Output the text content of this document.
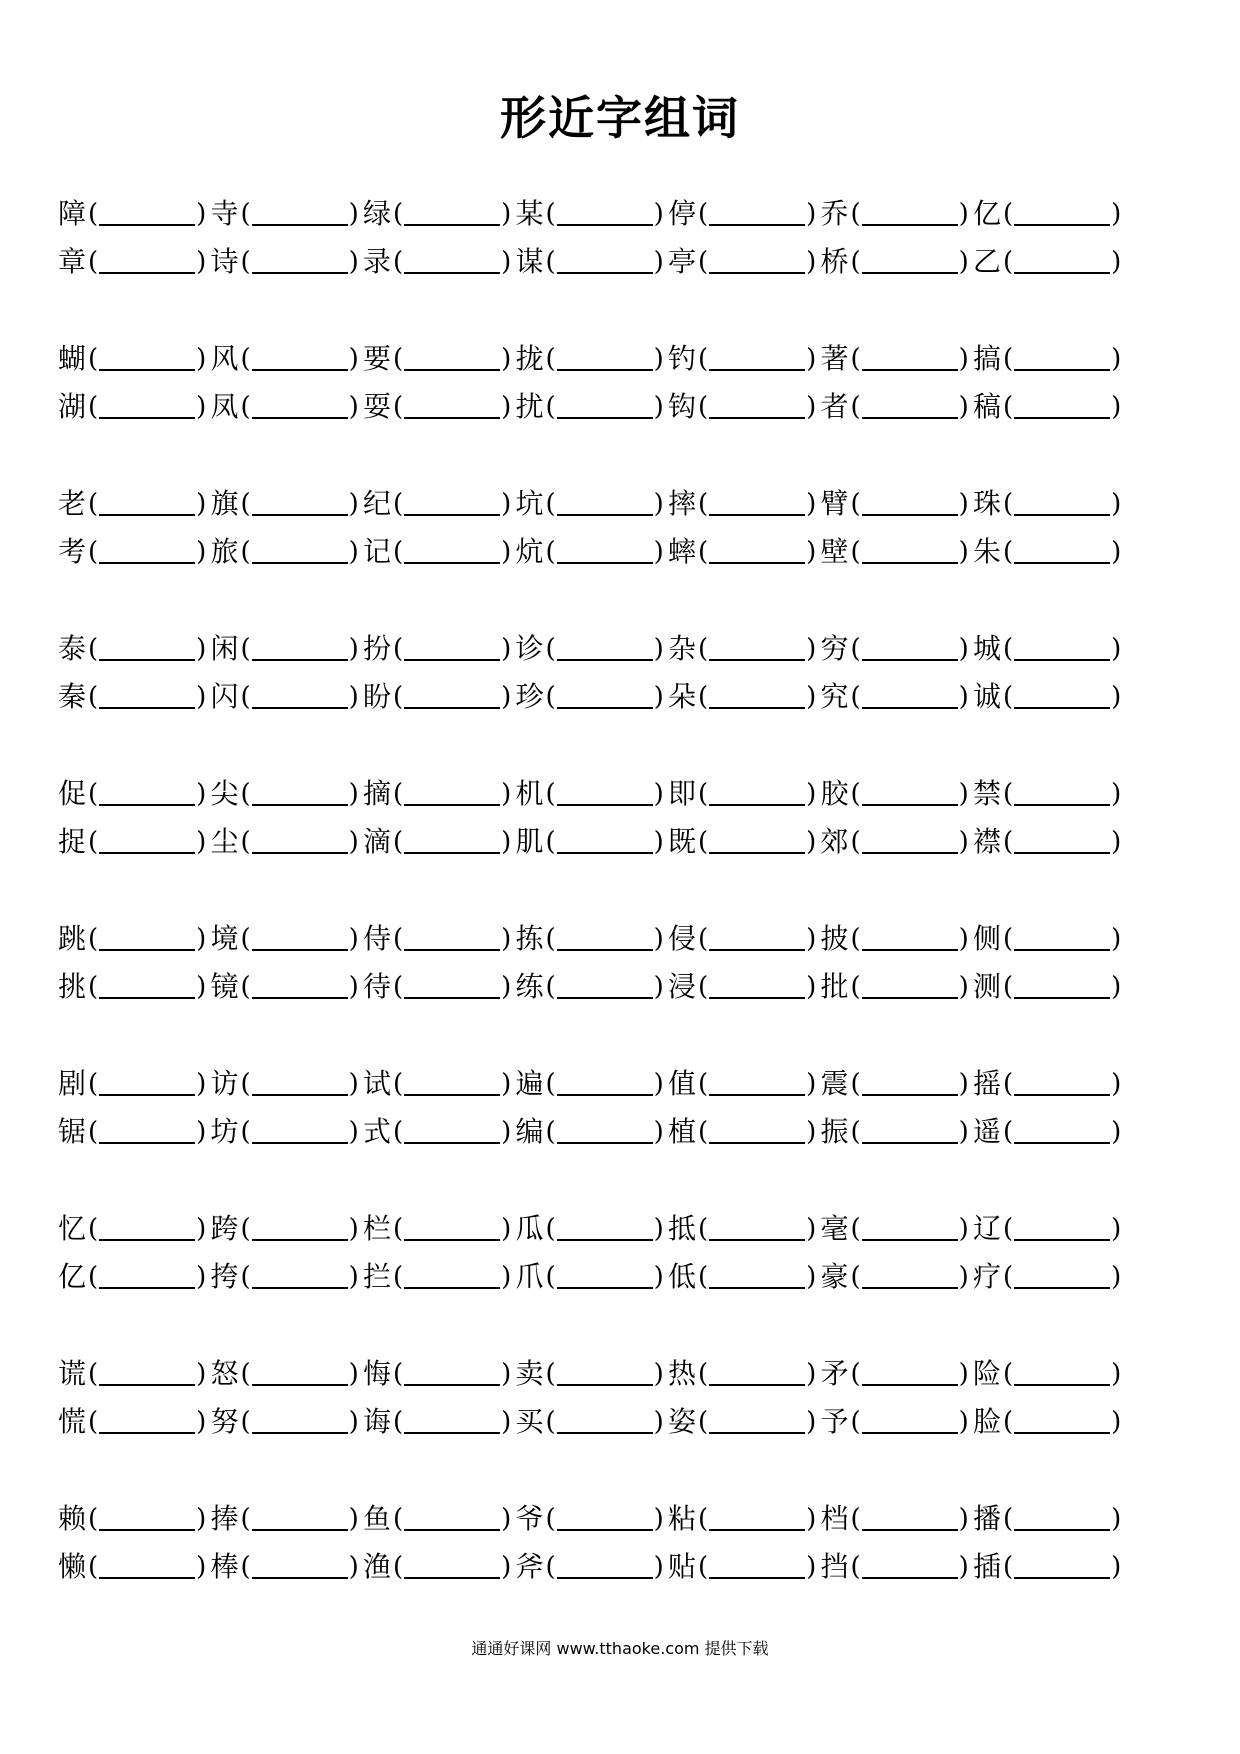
形近字组词
障 (	) 寺 (	) 绿 (	) 某 (	) 停 (	) 乔 (	) 亿 (	)
章 (	) 诗 (	) 录 (	) 谋 (	) 亭 (	) 桥 (	) 乙 (	)
蝴 (	) 风 (	) 要 (	) 拢 (	) 钓 (	) 著 (	) 搞 (	)
湖 (	) 凤 (	) 耍 (	) 扰 (	) 钩 (	) 者 (	) 稿 (	)
老 (	) 旗 (	) 纪 (	) 坑 (	) 摔 (	) 臂 (	) 珠 (	)
考 (	) 旅 (	) 记 (	) 炕 (	) 蟀 (	) 壁 (	) 朱 (	)
泰 (	) 闲 (	) 扮 (	) 诊 (	) 杂 (	) 穷 (	) 城 (	)
秦 (	) 闪 (	) 盼 (	) 珍 (	) 朵 (	) 究 (	) 诚 (	)
促 (	) 尖 (	) 摘 (	) 机 (	) 即 (	) 胶 (	) 禁 (	)
捉 (	) 尘 (	) 滴 (	) 肌 (	) 既 (	) 郊 (	) 襟 (	)
跳 (	) 境 (	) 侍 (	) 拣 (	) 侵 (	) 披 (	) 侧 (	)
挑 (	) 镜 (	) 待 (	) 练 (	) 浸 (	) 批 (	) 测 (	)
剧 (	) 访 (	) 试 (	) 遍 (	) 值 (	) 震 (	) 摇 (	)
锯 (	) 坊 (	) 式 (	) 编 (	) 植 (	) 振 (	) 遥 (	)
忆 (	) 跨 (	) 栏 (	) 瓜 (	) 抵 (	) 毫 (	) 辽 (	)
亿 (	) 挎 (	) 拦 (	) 爪 (	) 低 (	) 豪 (	) 疗 (	)
谎 (	) 怒 (	) 悔 (	) 卖 (	) 热 (	) 矛 (	) 险 (	)
慌 (	) 努 (	) 诲 (	) 买 (	) 姿 (	) 予 (	) 脸 (	)
赖 (	) 捧 (	) 鱼 (	) 爷 (	) 粘 (	) 档 (	) 播 (	)
懒 (	) 棒 (	) 渔 (	) 斧 (	) 贴 (	) 挡 (	) 插 (	)
通通好课网 www.tthaoke.com 提供下载
